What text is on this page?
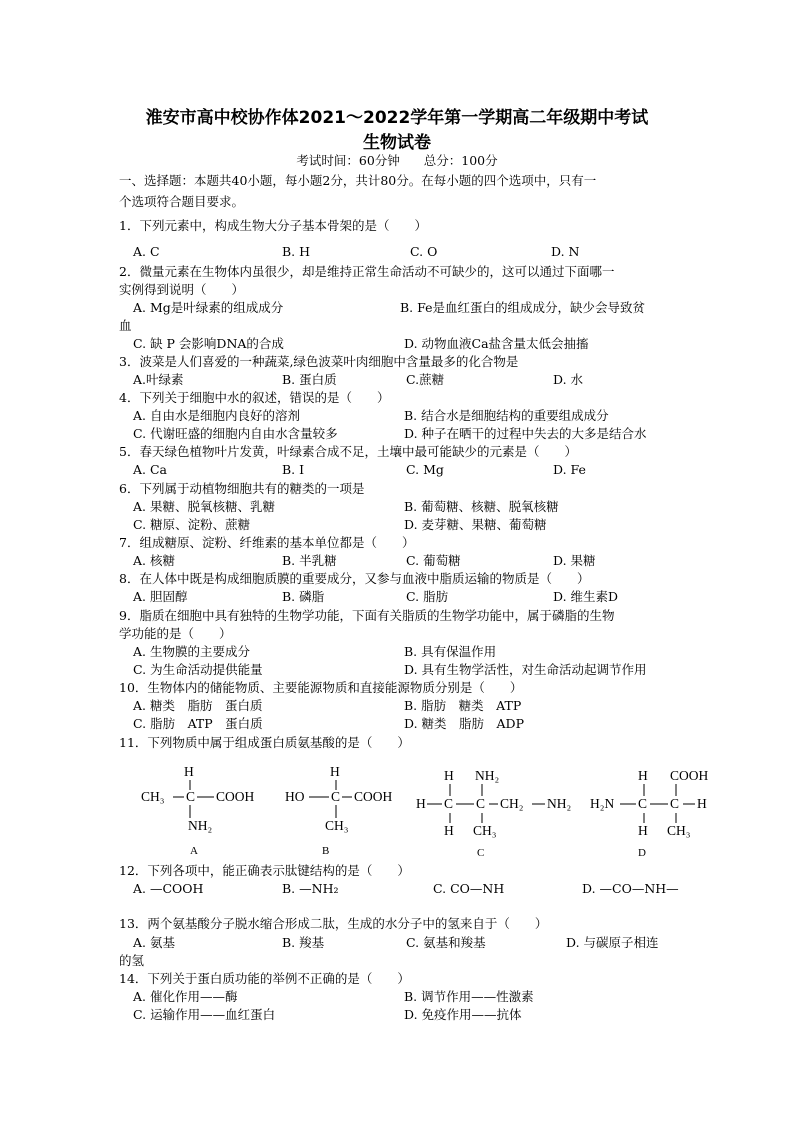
淮安市高中校协作体2021～2022学年第一学期高二年级期中考试
生物试卷
考试时间：60分钟 总分：100分
一、选择题：本题共40小题，每小题2分，共计80分。在每小题的四个选项中，只有一
个选项符合题目要求。
1．下列元素中，构成生物大分子基本骨架的是（　　）
A. C	B. H	C. O	D. N
2．微量元素在生物体内虽很少，却是维持正常生命活动不可缺少的，这可以通过下面哪一
实例得到说明（　　）
A. Mg是叶绿素的组成成分	B. Fe是血红蛋白的组成成分，缺少会导致贫
血
C. 缺 P 会影响DNA的合成	D. 动物血液Ca盐含量太低会抽搐
3．波菜是人们喜爱的一种蔬菜,绿色波菜叶肉细胞中含量最多的化合物是
A.叶绿素	B. 蛋白质	C.蔗糖	D. 水
4．下列关于细胞中水的叙述，错误的是（　　）
A. 自由水是细胞内良好的溶剂	B. 结合水是细胞结构的重要组成成分
C. 代谢旺盛的细胞内自由水含量较多	D. 种子在晒干的过程中失去的大多是结合水
5．春天绿色植物叶片发黄，叶绿素合成不足，土壤中最可能缺少的元素是（　　）
A. Ca	B. I	C. Mg	D. Fe
6．下列属于动植物细胞共有的糖类的一项是
A. 果糖、脱氧核糖、乳糖	B. 葡萄糖、核糖、脱氧核糖
C. 糖原、淀粉、蔗糖	D. 麦芽糖、果糖、葡萄糖
7．组成糖原、淀粉、纤维素的基本单位都是（　　）
A. 核糖	B. 半乳糖	C. 葡萄糖	D. 果糖
8．在人体中既是构成细胞质膜的重要成分，又参与血液中脂质运输的物质是（　　）
A. 胆固醇	B. 磷脂	C. 脂肪	D. 维生素D
9．脂质在细胞中具有独特的生物学功能，下面有关脂质的生物学功能中，属于磷脂的生物
学功能的是（　　）
A. 生物膜的主要成分	B. 具有保温作用
C. 为生命活动提供能量	D. 具有生物学活性，对生命活动起调节作用
10．生物体内的储能物质、主要能源物质和直接能源物质分别是（　　）
A. 糖类　脂肪　蛋白质	B. 脂肪　糖类　ATP
C. 脂肪　ATP　蛋白质	D. 糖类　脂肪　ADP
11．下列物质中属于组成蛋白质氨基酸的是（　　）
H
CH₃ C COOH
NH₂
A
H
HO C COOH
CH₃
B
H NH₂
H C C CH₂ NH₂
H CH₃
C
H COOH
H₂N C C H
H CH₃
D
12．下列各项中，能正确表示肽键结构的是（　　）
A. —COOH	B. —NH₂	C. CO—NH	D. —CO—NH—
13．两个氨基酸分子脱水缩合形成二肽，生成的水分子中的氢来自于（　　）
A. 氨基	B. 羧基	C. 氨基和羧基	D. 与碳原子相连
的氢
14．下列关于蛋白质功能的举例不正确的是（　　）
A. 催化作用——酶	B. 调节作用——性激素
C. 运输作用——血红蛋白	D. 免疫作用——抗体
